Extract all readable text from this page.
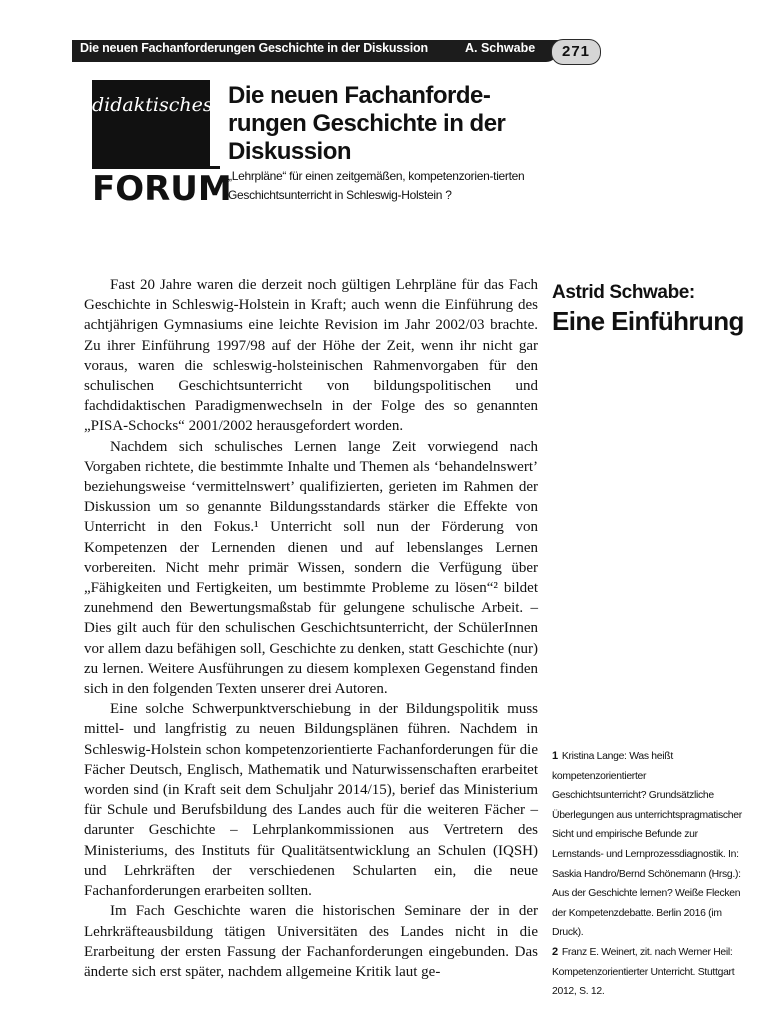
Die neuen Fachanforderungen Geschichte in der Diskussion	A. Schwabe	271
didaktisches
FORUM
Die neuen Fachanforde-rungen Geschichte in der Diskussion

„Lehrpläne“ für einen zeitgemäßen, kompetenzorien-tierten Geschichtsunterricht in Schleswig-Holstein ?

Fast 20 Jahre waren die derzeit noch gültigen Lehrpläne für das Fach Geschichte in Schleswig-Holstein in Kraft; auch wenn die Einführung des achtjährigen Gymnasiums eine leichte Revision im Jahr 2002/03 brachte. Zu ihrer Einführung 1997/98 auf der Höhe der Zeit, wenn ihr nicht gar voraus, waren die schleswig-holsteinischen Rahmenvorgaben für den schulischen Geschichtsunterricht von bildungspolitischen und fachdidaktischen Paradigmenwechseln in der Folge des so genannten „PISA-Schocks“ 2001/2002 herausgefordert worden.

Nachdem sich schulisches Lernen lange Zeit vorwiegend nach Vorgaben richtete, die bestimmte Inhalte und Themen als ‘behandelnswert’ beziehungsweise ‘vermittelnswert’ qualifizierten, gerieten im Rahmen der Diskussion um so genannte Bildungsstandards stärker die Effekte von Unterricht in den Fokus.¹ Unterricht soll nun der Förderung von Kompetenzen der Lernenden dienen und auf lebenslanges Lernen vorbereiten. Nicht mehr primär Wissen, sondern die Verfügung über „Fähigkeiten und Fertigkeiten, um bestimmte Probleme zu lösen“² bildet zunehmend den Bewertungsmaßstab für gelungene schulische Arbeit. – Dies gilt auch für den schulischen Geschichtsunterricht, der SchülerInnen vor allem dazu befähigen soll, Geschichte zu denken, statt Geschichte (nur) zu lernen. Weitere Ausführungen zu diesem komplexen Gegenstand finden sich in den folgenden Texten unserer drei Autoren.

Eine solche Schwerpunktverschiebung in der Bildungspolitik muss mittel- und langfristig zu neuen Bildungsplänen führen. Nachdem in Schleswig-Holstein schon kompetenzorientierte Fachanforderungen für die Fächer Deutsch, Englisch, Mathematik und Naturwissenschaften erarbeitet worden sind (in Kraft seit dem Schuljahr 2014/15), berief das Ministerium für Schule und Berufsbildung des Landes auch für die weiteren Fächer – darunter Geschichte – Lehrplankommissionen aus Vertretern des Ministeriums, des Instituts für Qualitätsentwicklung an Schulen (IQSH) und Lehrkräften der verschiedenen Schularten ein, die neue Fachanforderungen erarbeiten sollten.

Im Fach Geschichte waren die historischen Seminare der in der Lehrkräfteausbildung tätigen Universitäten des Landes nicht in die Erarbeitung der ersten Fassung der Fachanforderungen eingebunden. Das änderte sich erst später, nachdem allgemeine Kritik laut ge-

Astrid Schwabe:
Eine Einführung

1 Kristina Lange: Was heißt kompetenzorientierter Geschichtsunterricht? Grundsätzliche Überlegungen aus unterrichtspragmatischer Sicht und empirische Befunde zur Lernstands- und Lernprozessdiagnostik. In: Saskia Handro/Bernd Schönemann (Hrsg.): Aus der Geschichte lernen? Weiße Flecken der Kompetenzdebatte. Berlin 2016 (im Druck).

2 Franz E. Weinert, zit. nach Werner Heil: Kompetenzorientierter Unterricht. Stuttgart 2012, S. 12.
